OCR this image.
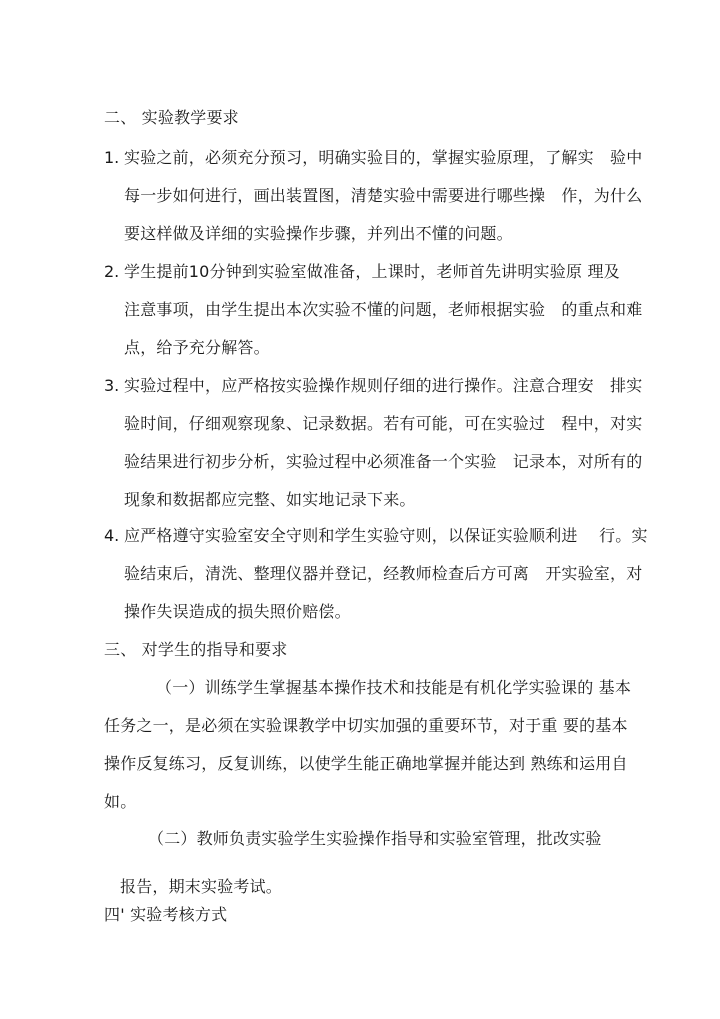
二、 实验教学要求
1. 实验之前，必须充分预习，明确实验目的，掌握实验原理，了解实　验中
每一步如何进行，画出装置图，清楚实验中需要进行哪些操　作，为什么
要这样做及详细的实验操作步骤，并列出不懂的问题。
2. 学生提前10分钟到实验室做准备，上课时，老师首先讲明实验原 理及
注意事项，由学生提出本次实验不懂的问题，老师根据实验　的重点和难
点，给予充分解答。
3. 实验过程中，应严格按实验操作规则仔细的进行操作。注意合理安　排实
验时间，仔细观察现象、记录数据。若有可能，可在实验过　程中，对实
验结果进行初步分析，实验过程中必须准备一个实验　记录本，对所有的
现象和数据都应完整、如实地记录下来。
4. 应严格遵守实验室安全守则和学生实验守则，以保证实验顺利进　 行。实
验结束后，清洗、整理仪器并登记，经教师检查后方可离　开实验室，对
操作失误造成的损失照价赔偿。
三、 对学生的指导和要求
（一）训练学生掌握基本操作技术和技能是有机化学实验课的 基本
任务之一，是必须在实验课教学中切实加强的重要环节，对于重 要的基本
操作反复练习，反复训练，以使学生能正确地掌握并能达到 熟练和运用自
如。
（二）教师负责实验学生实验操作指导和实验室管理，批改实验
报告，期末实验考试。
四' 实验考核方式
